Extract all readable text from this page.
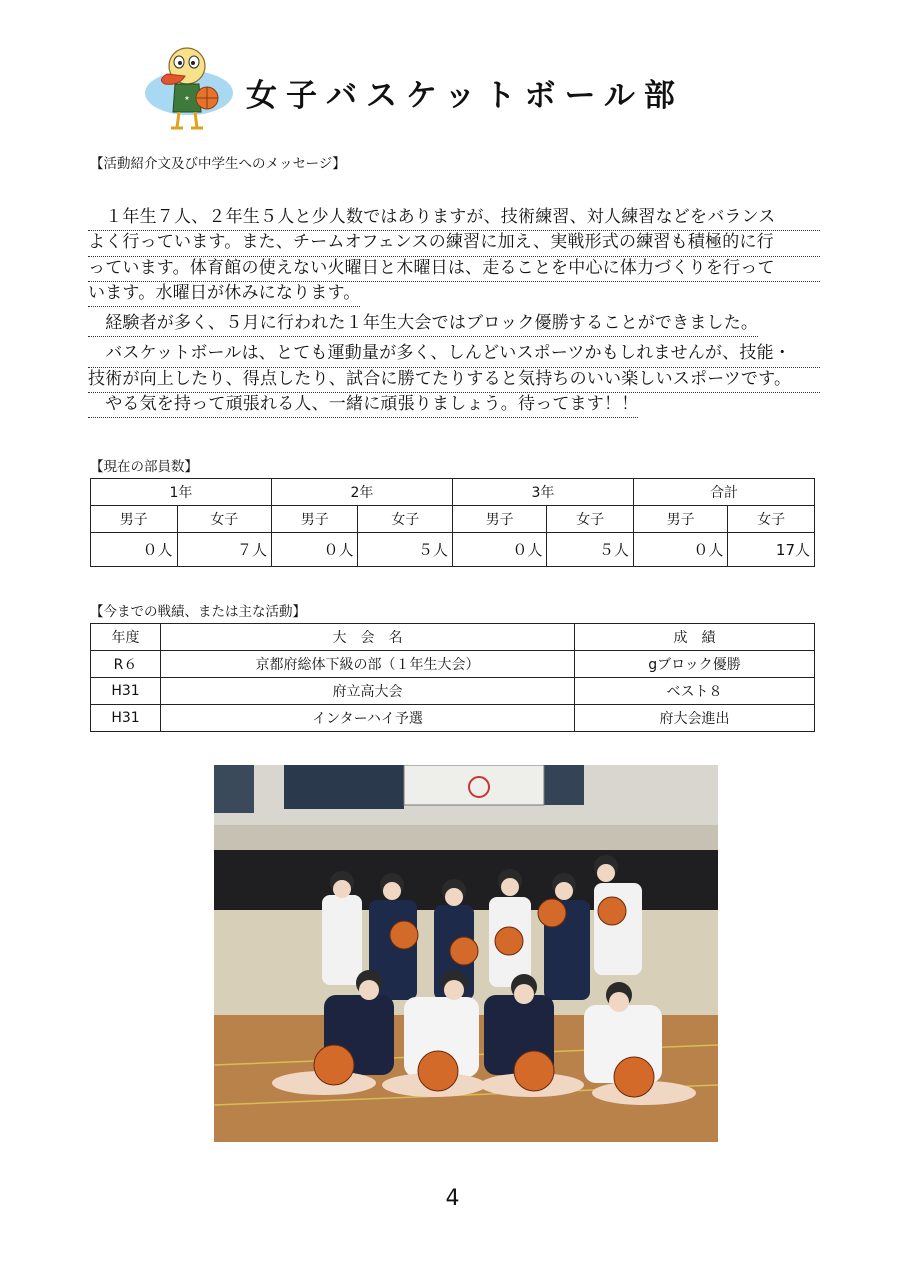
★ 女子バスケットボール部
【活動紹介文及び中学生へのメッセージ】
　１年生７人、２年生５人と少人数ではありますが、技術練習、対人練習などをバランス
よく行っています。また、チームオフェンスの練習に加え、実戦形式の練習も積極的に行
っています。体育館の使えない火曜日と木曜日は、走ることを中心に体力づくりを行って
います。水曜日が休みになります。
　経験者が多く、５月に行われた１年生大会ではブロック優勝することができました。
　バスケットボールは、とても運動量が多く、しんどいスポーツかもしれませんが、技能・
技術が向上したり、得点したり、試合に勝てたりすると気持ちのいい楽しいスポーツです。
　やる気を持って頑張れる人、一緒に頑張りましょう。待ってます！！
【現在の部員数】
1年		2年		3年		合計	
男子	女子	男子	女子	男子	女子	男子	女子
０人	７人	０人	５人	０人	５人	０人	17人
【今までの戦績、または主な活動】
年度	大　会　名	成　績
R６	京都府総体下級の部（１年生大会）	gブロック優勝
H31	府立高大会	ベスト８
H31	インターハイ予選	府大会進出
4
